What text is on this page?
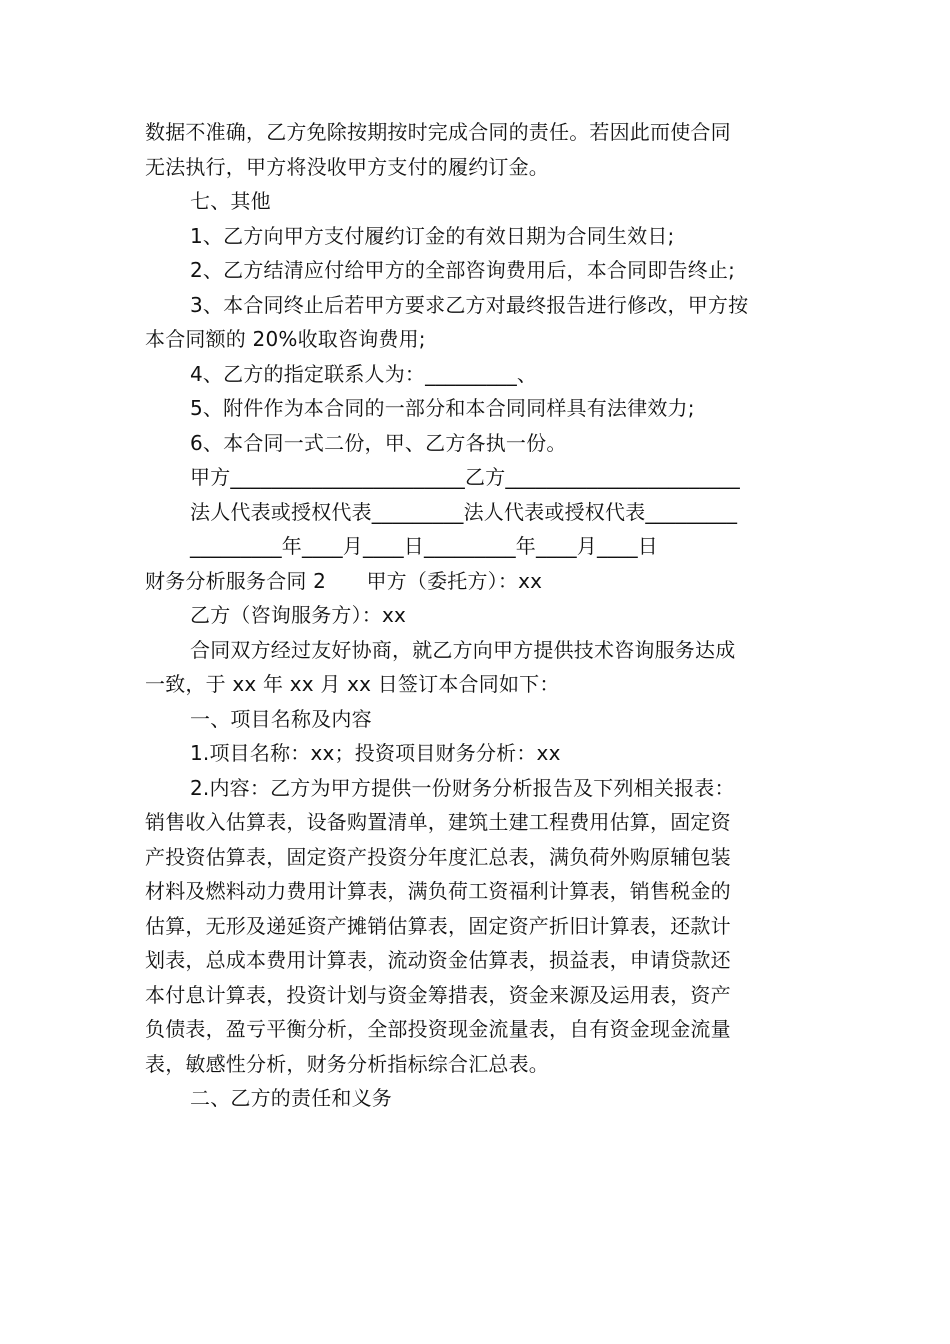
数据不准确，乙方免除按期按时完成合同的责任。若因此而使合同
无法执行，甲方将没收甲方支付的履约订金。
七、其他
1、乙方向甲方支付履约订金的有效日期为合同生效日;
2、乙方结清应付给甲方的全部咨询费用后，本合同即告终止;
3、本合同终止后若甲方要求乙方对最终报告进行修改，甲方按
本合同额的 20%收取咨询费用;
4、乙方的指定联系人为：_________、
5、附件作为本合同的一部分和本合同同样具有法律效力;
6、本合同一式二份，甲、乙方各执一份。
甲方_______________________乙方_______________________
法人代表或授权代表_________法人代表或授权代表_________
_________年____月____日_________年____月____日
财务分析服务合同 2　　甲方（委托方）：xx
乙方（咨询服务方）：xx
合同双方经过友好协商，就乙方向甲方提供技术咨询服务达成
一致，于 xx 年 xx 月 xx 日签订本合同如下：
一、项目名称及内容
1.项目名称：xx；投资项目财务分析：xx
2.内容：乙方为甲方提供一份财务分析报告及下列相关报表：
销售收入估算表，设备购置清单，建筑土建工程费用估算，固定资
产投资估算表，固定资产投资分年度汇总表，满负荷外购原辅包装
材料及燃料动力费用计算表，满负荷工资福利计算表，销售税金的
估算，无形及递延资产摊销估算表，固定资产折旧计算表，还款计
划表，总成本费用计算表，流动资金估算表，损益表，申请贷款还
本付息计算表，投资计划与资金筹措表，资金来源及运用表，资产
负债表，盈亏平衡分析，全部投资现金流量表，自有资金现金流量
表，敏感性分析，财务分析指标综合汇总表。
二、乙方的责任和义务
